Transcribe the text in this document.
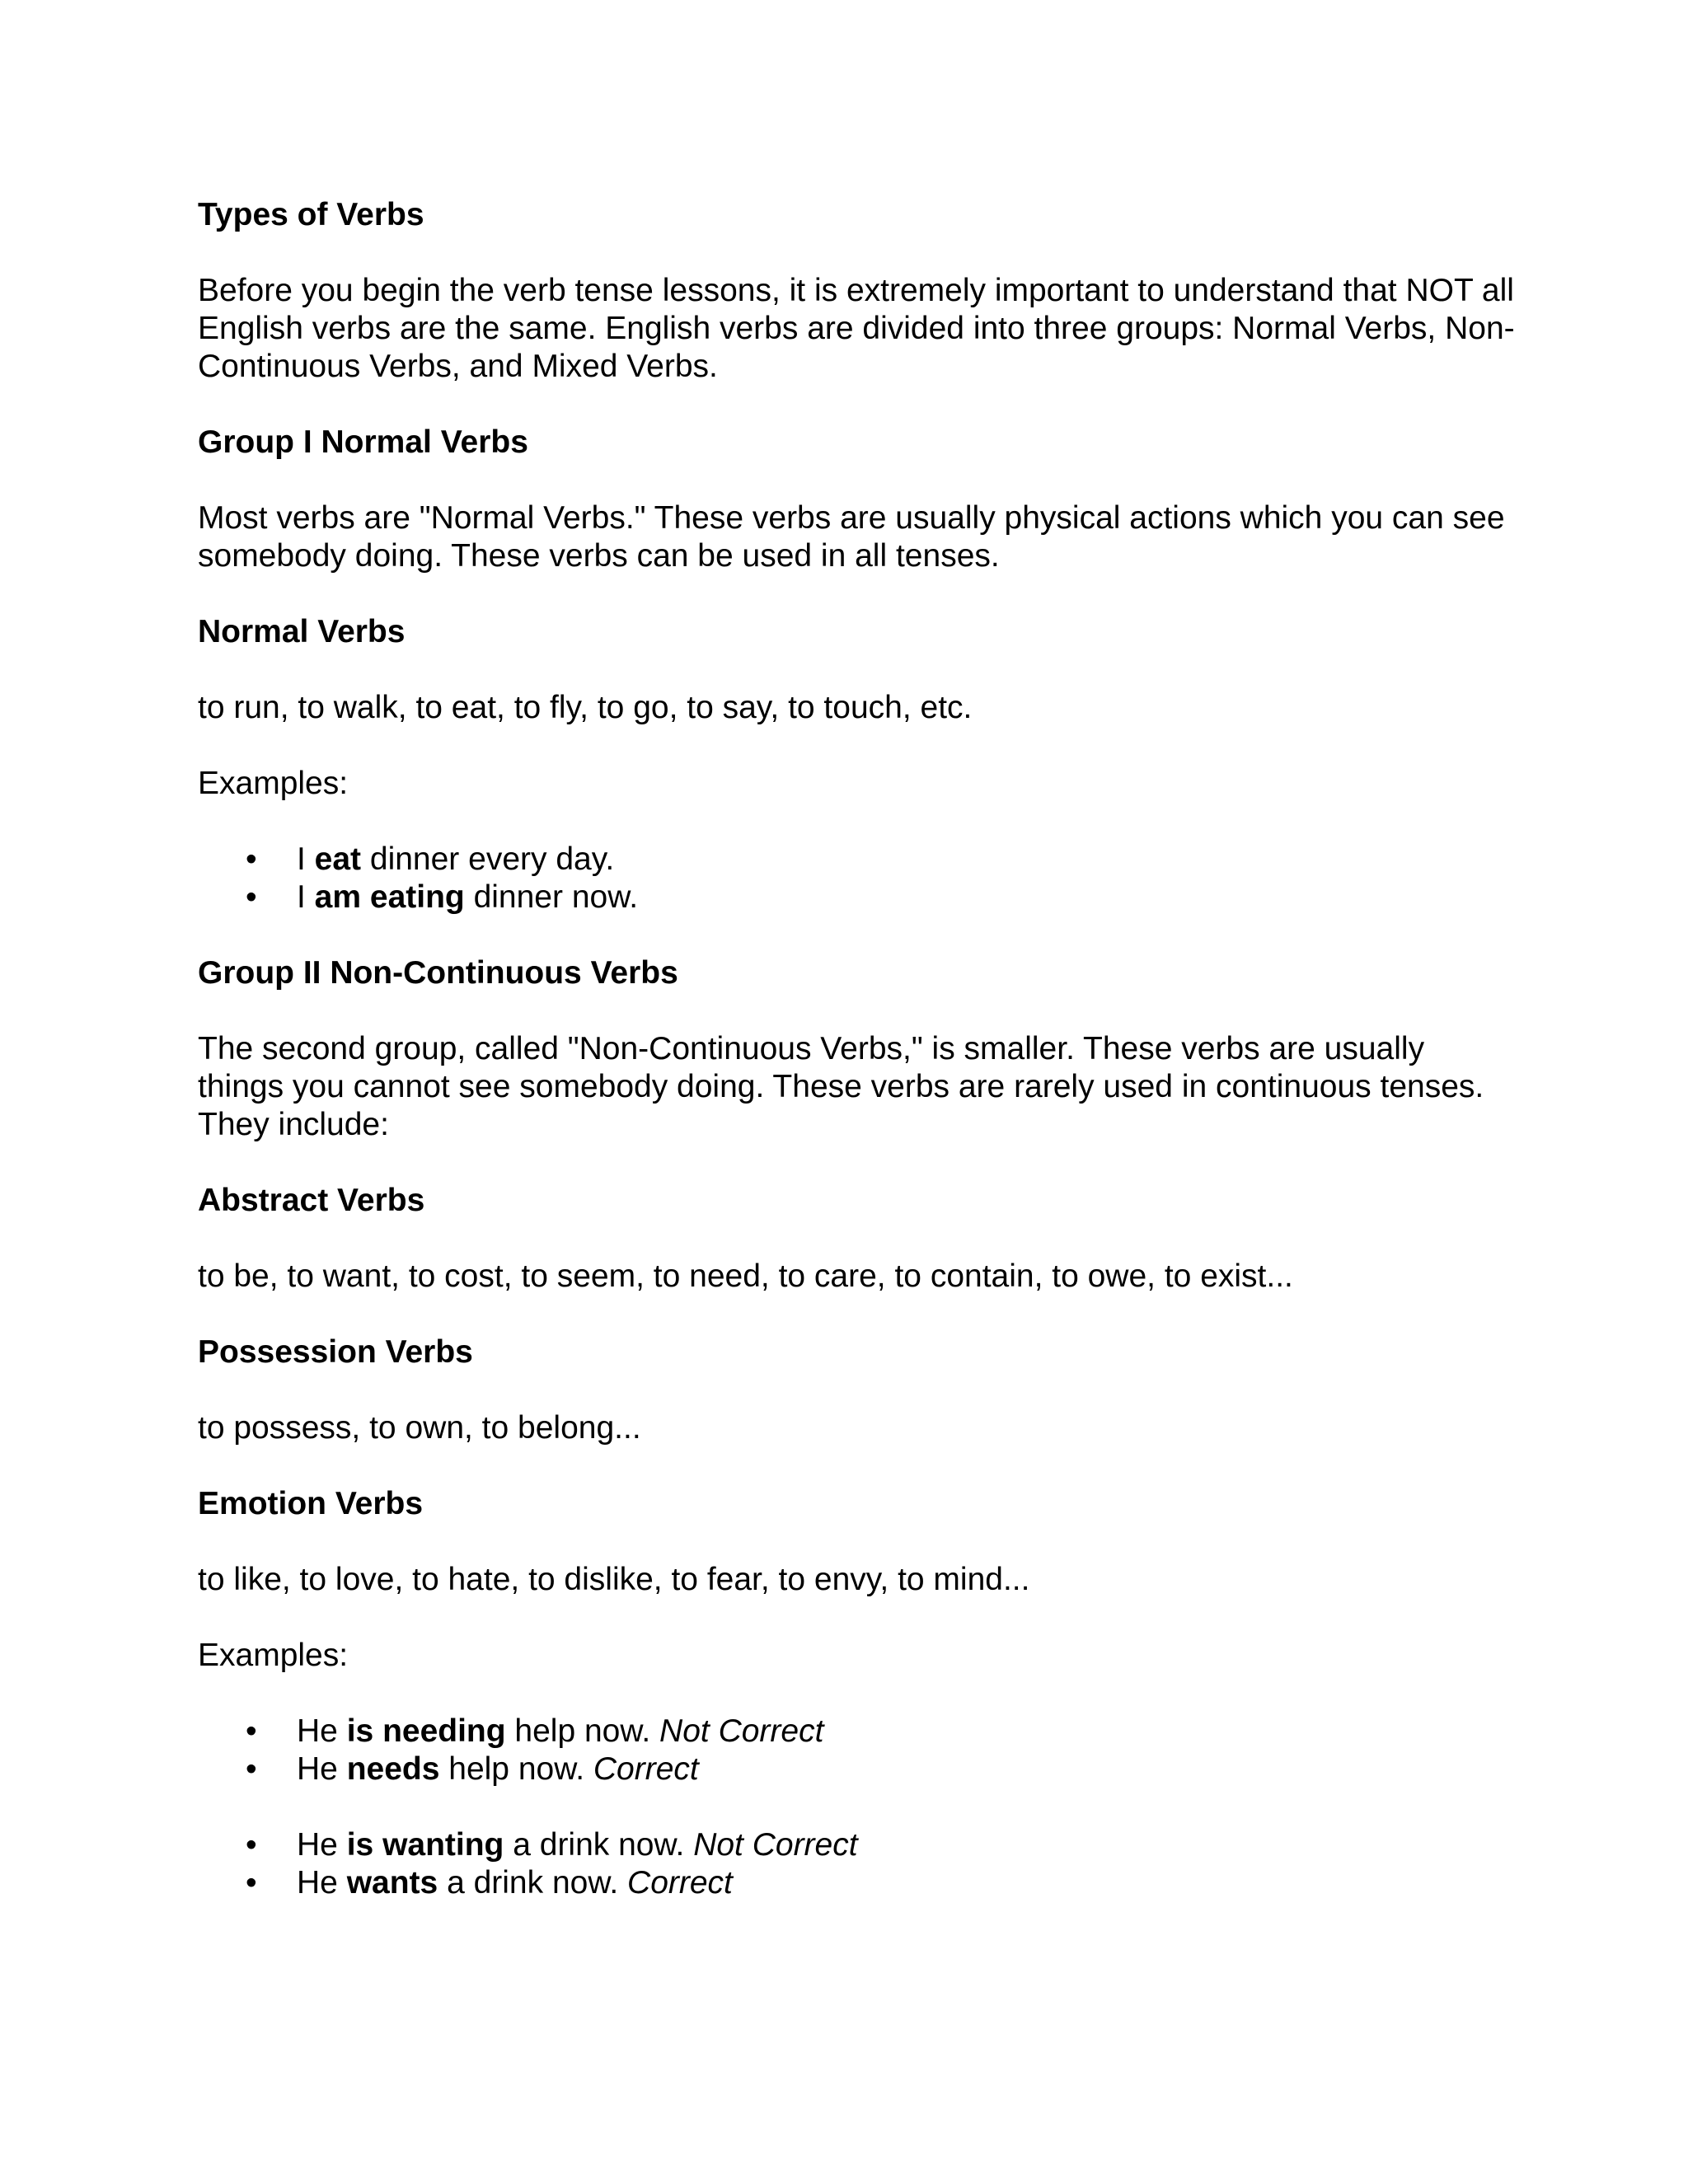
Types of Verbs

Before you begin the verb tense lessons, it is extremely important to understand that NOT all English verbs are the same. English verbs are divided into three groups: Normal Verbs, Non-Continuous Verbs, and Mixed Verbs.

Group I Normal Verbs

Most verbs are "Normal Verbs." These verbs are usually physical actions which you can see somebody doing. These verbs can be used in all tenses.

Normal Verbs

to run, to walk, to eat, to fly, to go, to say, to touch, etc.

Examples:

• I eat dinner every day.
• I am eating dinner now.
Group II Non-Continuous Verbs

The second group, called "Non-Continuous Verbs," is smaller. These verbs are usually things you cannot see somebody doing. These verbs are rarely used in continuous tenses. They include:

Abstract Verbs

to be, to want, to cost, to seem, to need, to care, to contain, to owe, to exist...

Possession Verbs

to possess, to own, to belong...

Emotion Verbs

to like, to love, to hate, to dislike, to fear, to envy, to mind...

Examples:

• He is needing help now. Not Correct
• He needs help now. Correct
• He is wanting a drink now. Not Correct
• He wants a drink now. Correct
